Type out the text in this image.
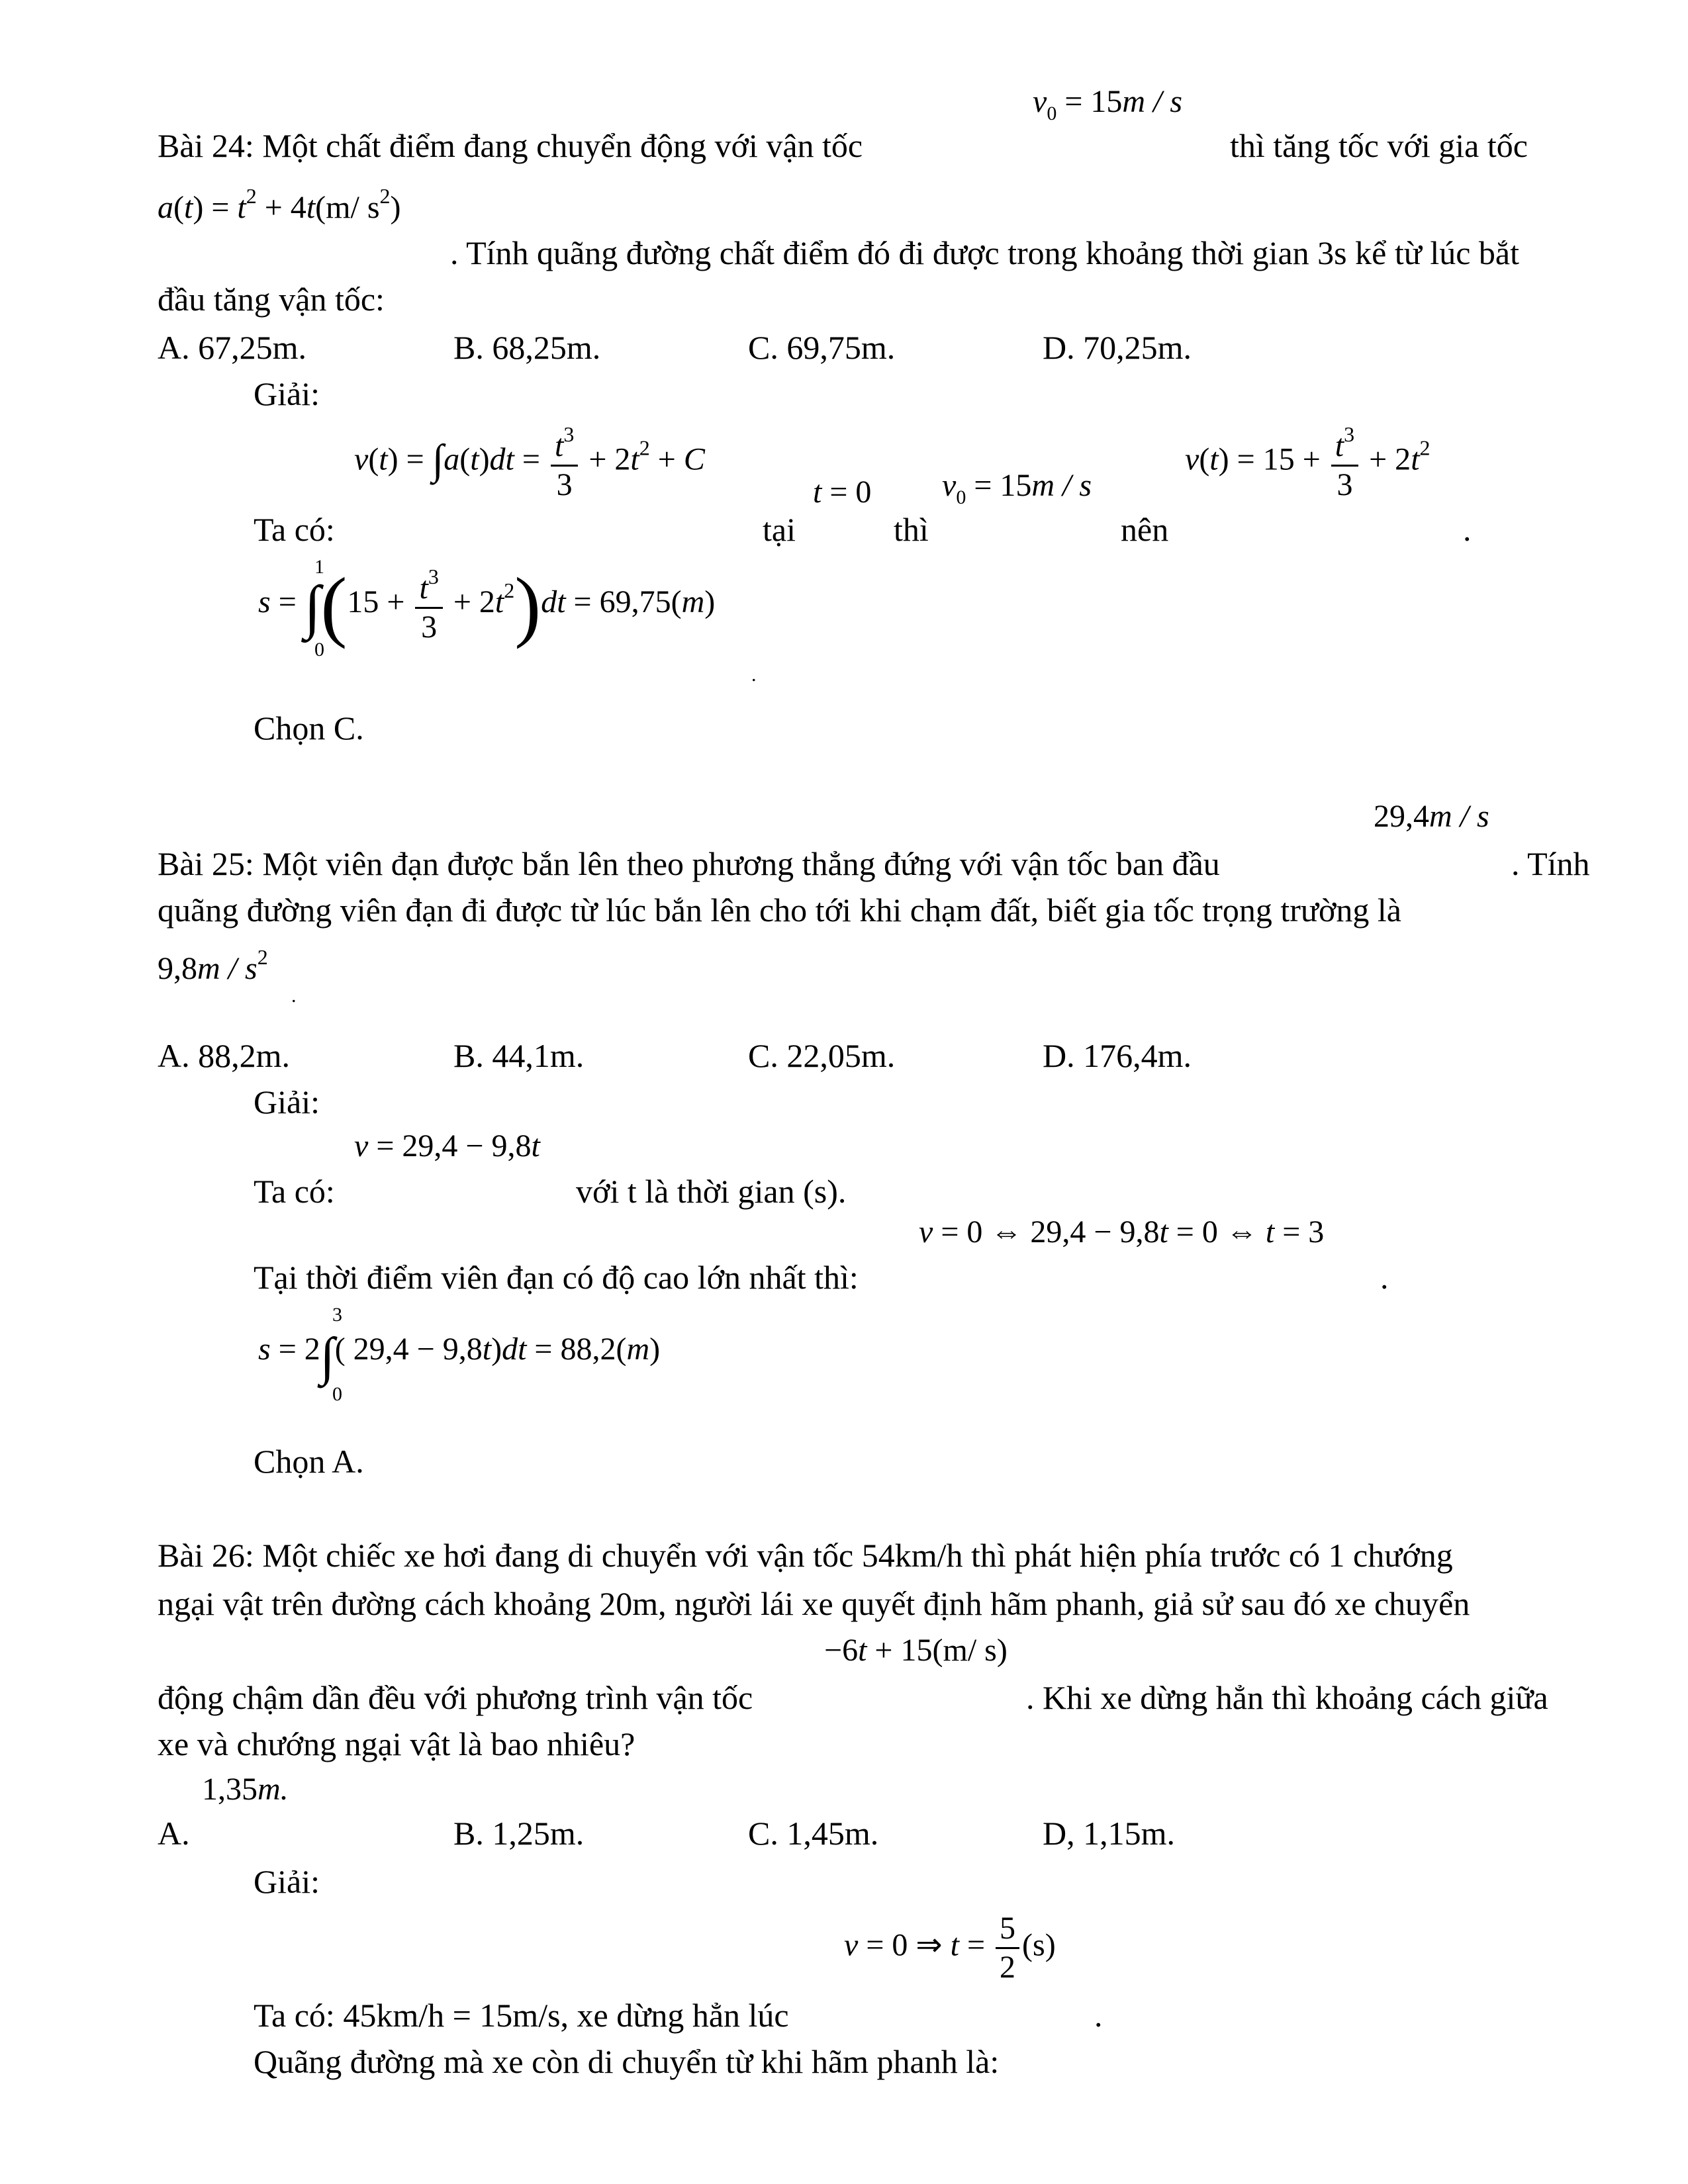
$v_0 = 15m / s$
Bài 24: Một chất điểm đang chuyển động với vận tốc	thì tăng tốc với gia tốc
$a(t) = t^2 + 4t(m/$ $s^2$)
. Tính quãng đường chất điểm đó đi được trong khoảng thời gian 3s kể từ lúc bắt
đầu tăng vận tốc:
A. 67,25m.	B. 68,25m.	C. 69,75m.	D. 70,25m.
Giải:
$v(t) = \int a(t)dt = \frac{t^3}{3} + 2t^2 + C$
t = 0 $v_0 = 15m / s$
$v(t) = 15 + \frac{t^3}{3} + 2t^2$
Ta có:	tại	thì	nên	.
$s = \int(15 + \frac{t^3}{3} + 2t^2)dt = 69,75(m)$
1
0
.
Chọn C.
29,4m / s
Bài 25: Một viên đạn được bắn lên theo phương thẳng đứng với vận tốc ban đầu	. Tính
quãng đường viên đạn đi được từ lúc bắn lên cho tới khi chạm đất, biết gia tốc trọng trường là
$9,8m / s^2$
.
A. 88,2m.	B. 44,1m.	C. 22,05m.	D. 176,4m.
Giải:
v = 29,4 − 9,8t
Ta có:	với t là thời gian (s).
v = 0 ⇔ 29,4 − 9,8t = 0 ⇔ t = 3
Tại thời điểm viên đạn có độ cao lớn nhất thì:	.
s = 2∫( 29,4 − 9,8t)dt = 88,2(m)
3
0
Chọn A.
Bài 26: Một chiếc xe hơi đang di chuyển với vận tốc 54km/h thì phát hiện phía trước có 1 chướng
ngại vật trên đường cách khoảng 20m, người lái xe quyết định hãm phanh, giả sử sau đó xe chuyển
−6t + 15(m/ s)
động chậm dần đều với phương trình vận tốc	. Khi xe dừng hẳn thì khoảng cách giữa
xe và chướng ngại vật là bao nhiêu?
1,35m.
A.	B. 1,25m.	C. 1,45m.	D, 1,15m.
Giải:
v = 0 ⇒ $t = \frac{5}{2} (s)$
Ta có: 45km/h = 15m/s, xe dừng hẳn lúc	.
Quãng đường mà xe còn di chuyển từ khi hãm phanh là:
